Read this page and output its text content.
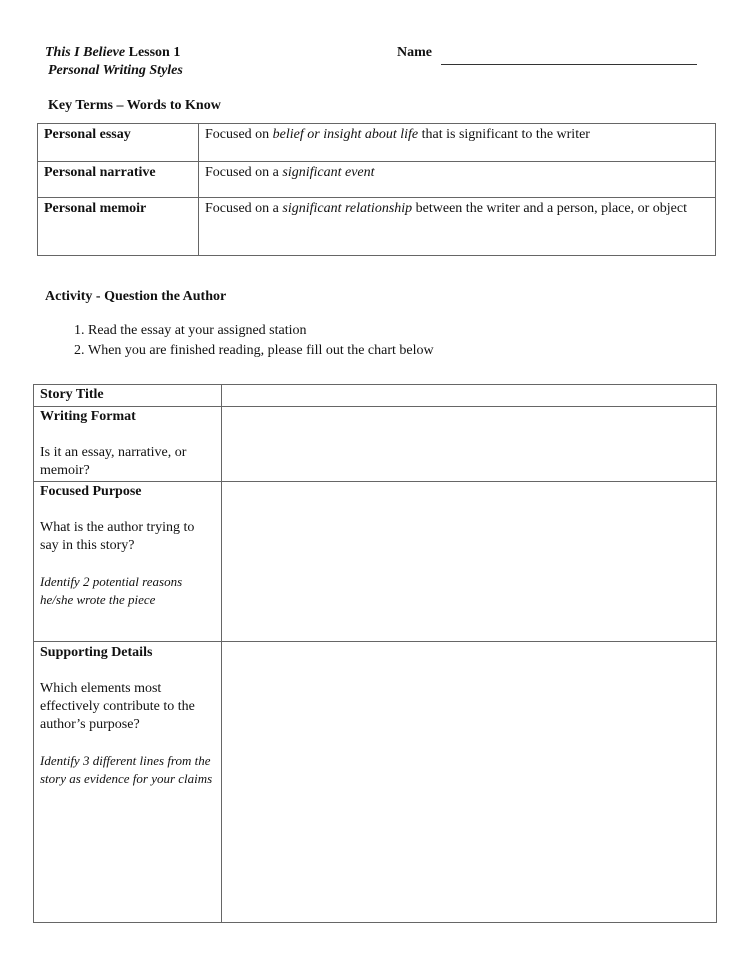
This I Believe Lesson 1
Personal Writing Styles
Name
Key Terms – Words to Know
Personal essay	Focused on belief or insight about life that is significant to the writer
Personal narrative	Focused on a significant event
Personal memoir	Focused on a significant relationship between the writer and a person, place, or object
Activity - Question the Author
1. Read the essay at your assigned station
2. When you are finished reading, please fill out the chart below
Story Title	
Writing Format
Is it an essay, narrative, or memoir?	

Focused Purpose
What is the author trying to say in this story?
Identify 2 potential reasons he/she wrote the piece	

Supporting Details
Which elements most effectively contribute to the author’s purpose?
Identify 3 different lines from the story as evidence for your claims	
